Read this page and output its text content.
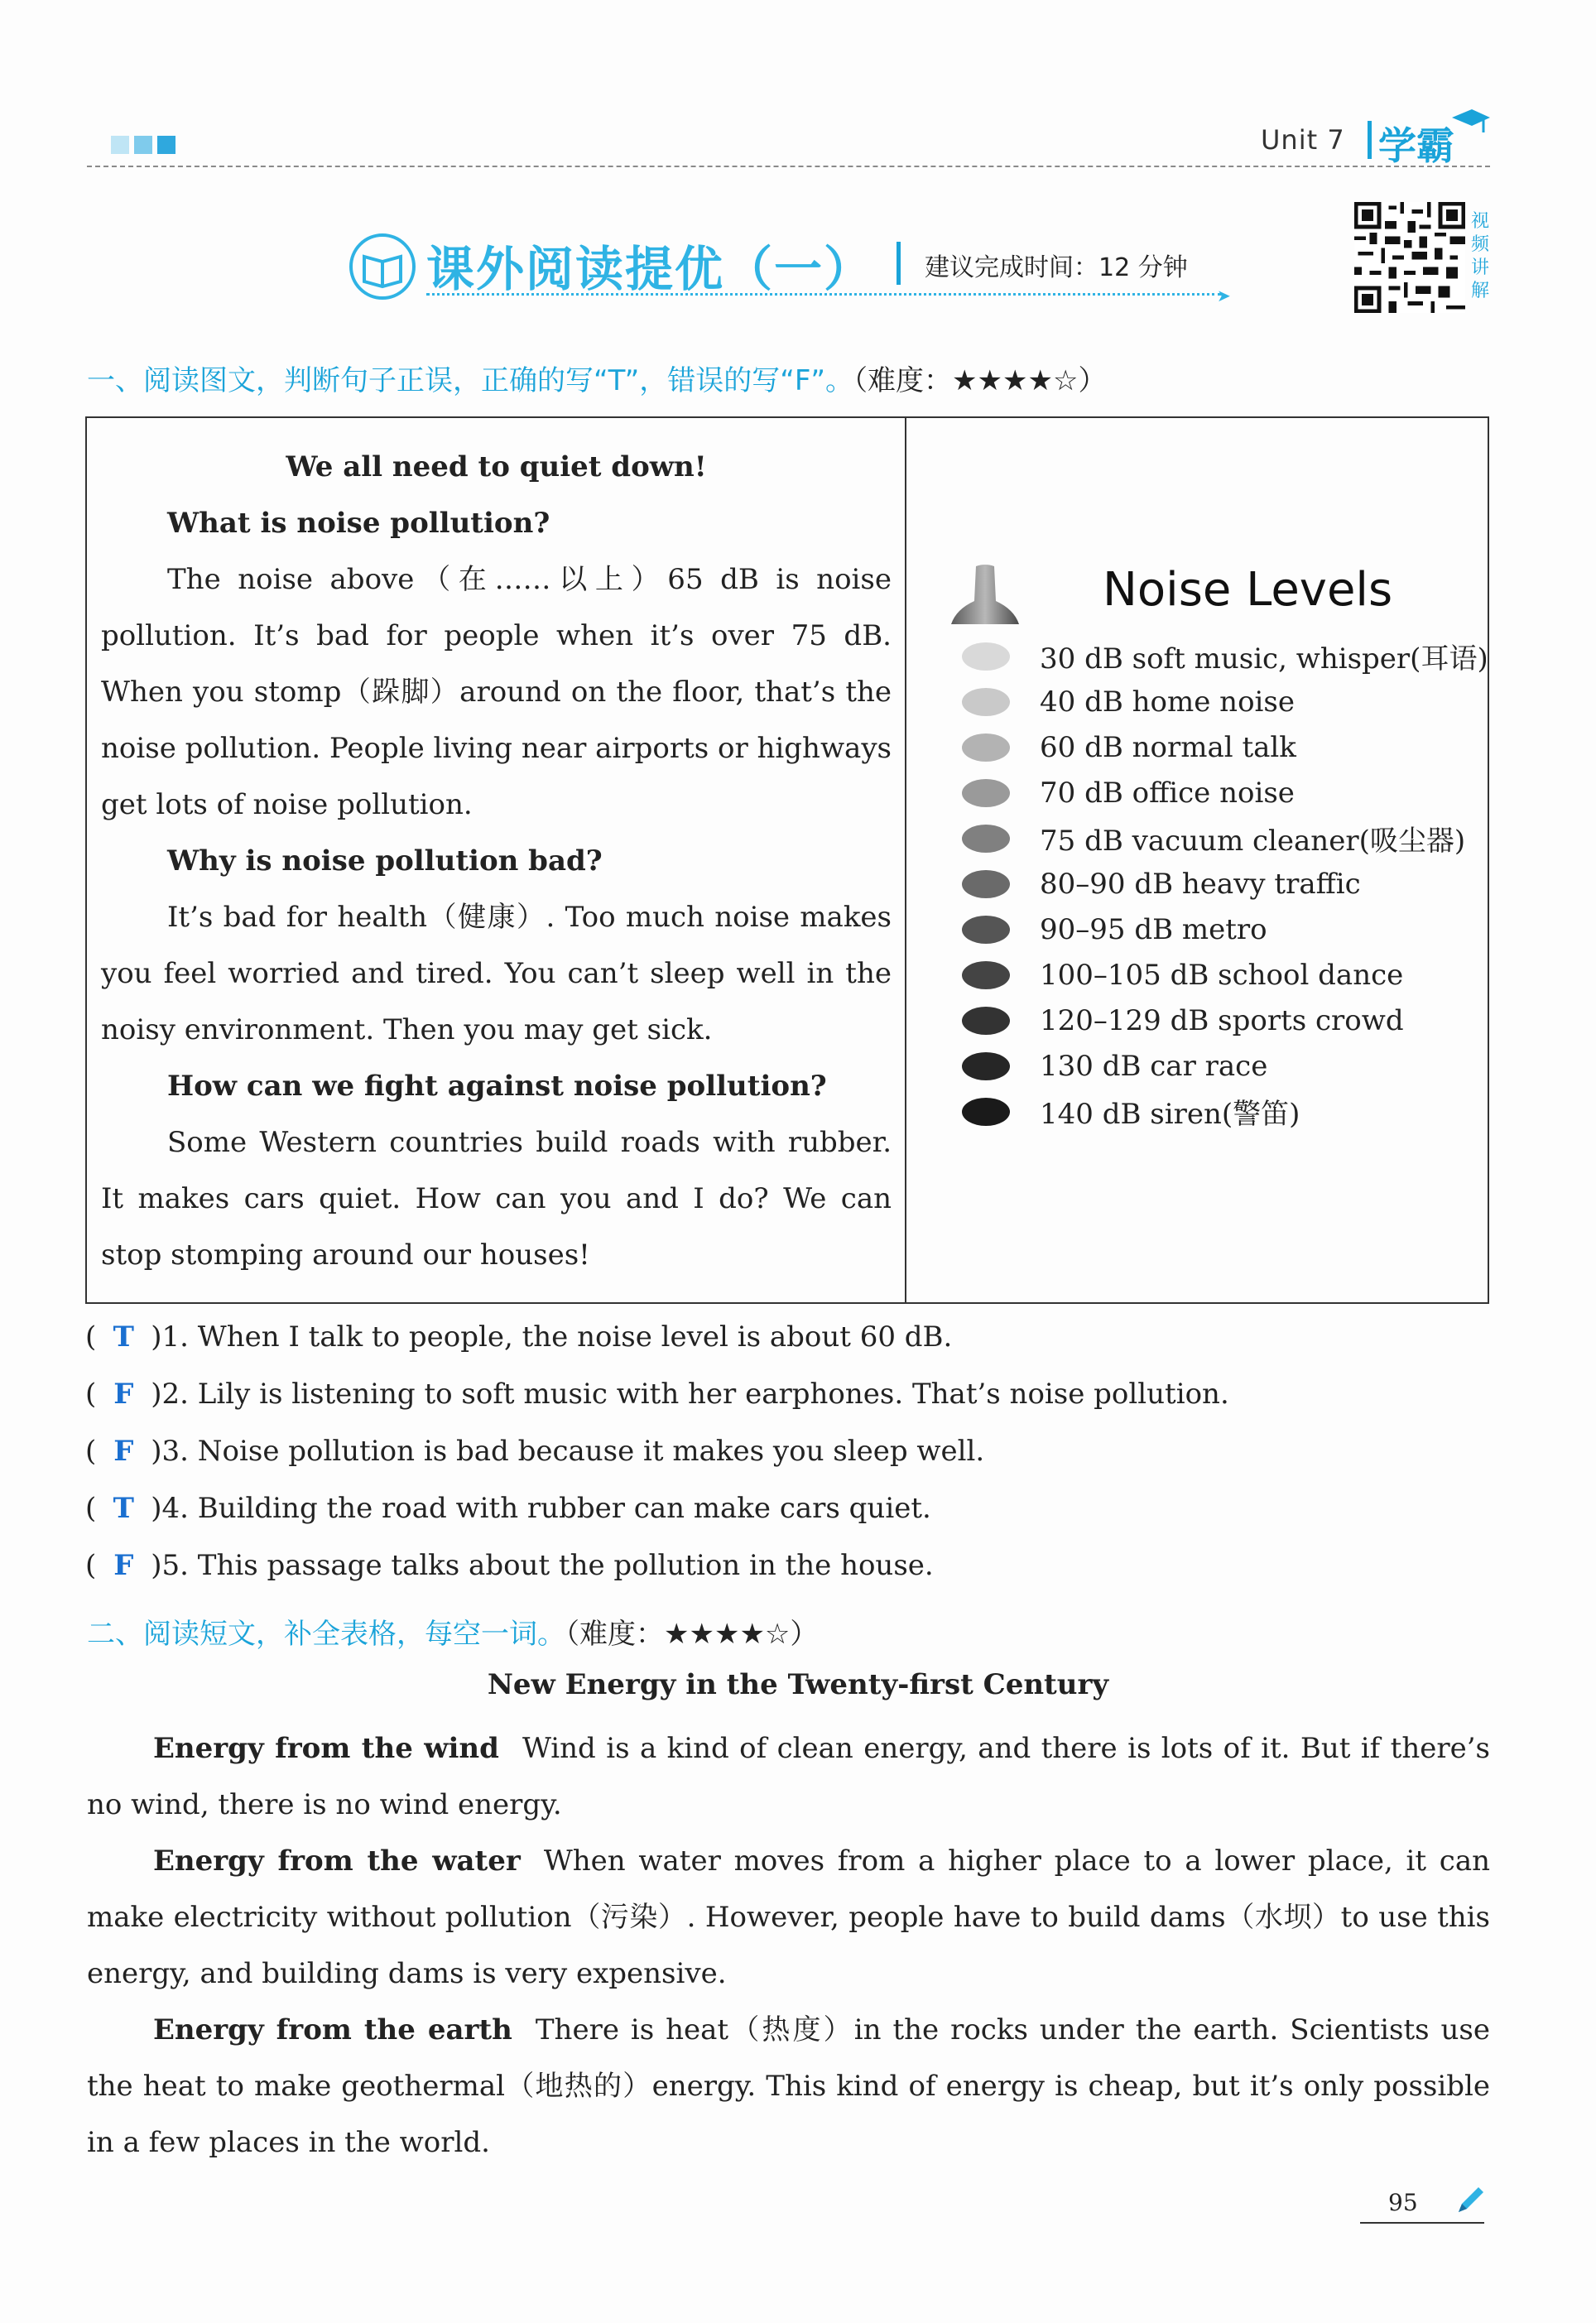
Unit 7 学霸
课外阅读提优（一） 建议完成时间：12 分钟
➤
视
频
讲
解
一、阅读图文，判断句子正误，正确的写“T”，错误的写“F”。（难度：★★★★☆）
We all need to quiet down!
What is noise pollution?

The noise above（在……以上）65 dB is noise pollution. It’s bad for people when it’s over 75 dB. When you stomp（跺脚）around on the floor, that’s the noise pollution. People living near airports or highways get lots of noise pollution.

Why is noise pollution bad?

It’s bad for health（健康）. Too much noise makes you feel worried and tired. You can’t sleep well in the noisy environment. Then you may get sick.

How can we fight against noise pollution?

Some Western countries build roads with rubber. It makes cars quiet. How can you and I do? We can stop stomping around our houses!

Noise Levels
30 dB soft music, whisper(耳语)
40 dB home noise
60 dB normal talk
70 dB office noise
75 dB vacuum cleaner(吸尘器)
80–90 dB heavy traffic
90–95 dB metro
100–105 dB school dance
120–129 dB sports crowd
130 dB car race
140 dB siren(警笛)
( T )1. When I talk to people, the noise level is about 60 dB.
( F )2. Lily is listening to soft music with her earphones. That’s noise pollution.
( F )3. Noise pollution is bad because it makes you sleep well.
( T )4. Building the road with rubber can make cars quiet.
( F )5. This passage talks about the pollution in the house.
二、阅读短文，补全表格，每空一词。（难度：★★★★☆）
New Energy in the Twenty-first Century

Energy from the wind Wind is a kind of clean energy, and there is lots of it. But if there’s no wind, there is no wind energy.

Energy from the water When water moves from a higher place to a lower place, it can make electricity without pollution（污染）. However, people have to build dams（水坝）to use this energy, and building dams is very expensive.

Energy from the earth There is heat（热度）in the rocks under the earth. Scientists use the heat to make geothermal（地热的）energy. This kind of energy is cheap, but it’s only possible in a few places in the world.

95
